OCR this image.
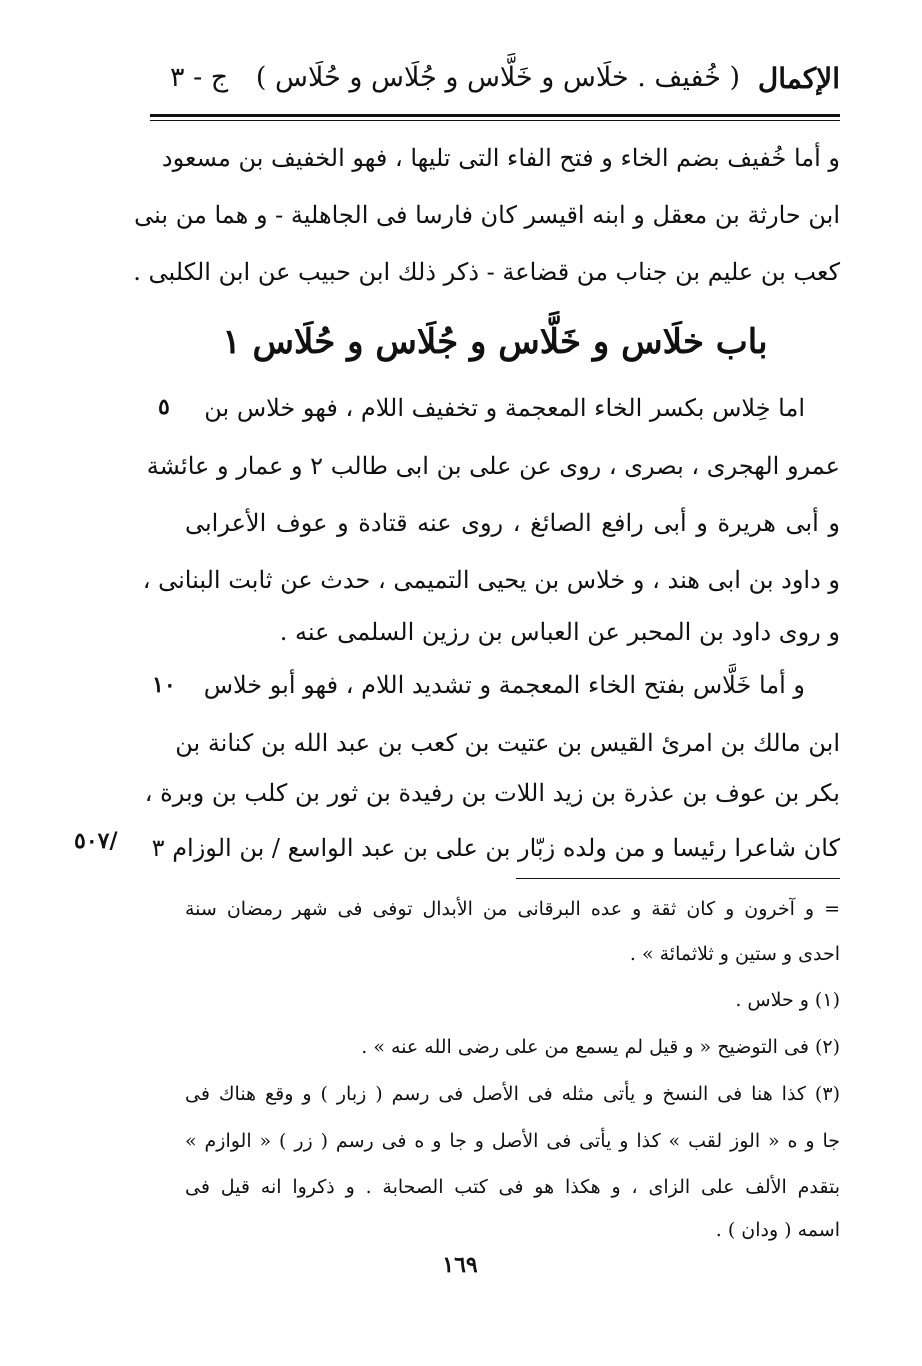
الإكمال
( خُفيف . خلَاس و خَلَّاس و جُلَاس و حُلَاس )
ج - ٣
و أما خُفيف بضم الخاء و فتح الفاء التى تليها ، فهو الخفيف بن مسعود
ابن حارثة بن معقل و ابنه اقيسر كان فارسا فى الجاهلية - و هما من بنى
كعب بن عليم بن جناب من قضاعة - ذكر ذلك ابن حبيب عن ابن الكلبى .
باب خلَاس و خَلَّاس و جُلَاس و حُلَاس ١
اما خِلاس بكسر الخاء المعجمة و تخفيف اللام ، فهو خلاس بن
عمرو الهجرى ، بصرى ، روى عن على بن ابى طالب ٢ و عمار و عائشة
و أبى هريرة و أبى رافع الصائغ ، روى عنه قتادة و عوف الأعرابى
و داود بن ابى هند ، و خلاس بن يحيى التميمى ، حدث عن ثابت البنانى ،
و روى داود بن المحبر عن العباس بن رزين السلمى عنه .
و أما خَلَّاس بفتح الخاء المعجمة و تشديد اللام ، فهو أبو خلاس
ابن مالك بن امرئ القيس بن عتيت بن كعب بن عبد الله بن كنانة بن
بكر بن عوف بن عذرة بن زيد اللات بن رفيدة بن ثور بن كلب بن وبرة ،
كان شاعرا رئيسا و من ولده زبّار بن على بن عبد الواسع / بن الوزام ٣
٥
١٠
٥٠٧/
= و آخرون و كان ثقة و عده البرقانى من الأبدال توفى فى شهر رمضان سنة
احدى و ستين و ثلاثمائة » .
(١) و حلاس .
(٢) فى التوضيح « و قيل لم يسمع من على رضى الله عنه » .
(٣) كذا هنا فى النسخ و يأتى مثله فى الأصل فى رسم ( زبار ) و وقع هناك فى
جا و ه « الوز لقب » كذا و يأتى فى الأصل و جا و ه فى رسم ( زر ) « الوازم »
بتقدم الألف على الزاى ، و هكذا هو فى كتب الصحابة . و ذكروا انه قيل فى
اسمه ( ودان ) .
١٦٩
